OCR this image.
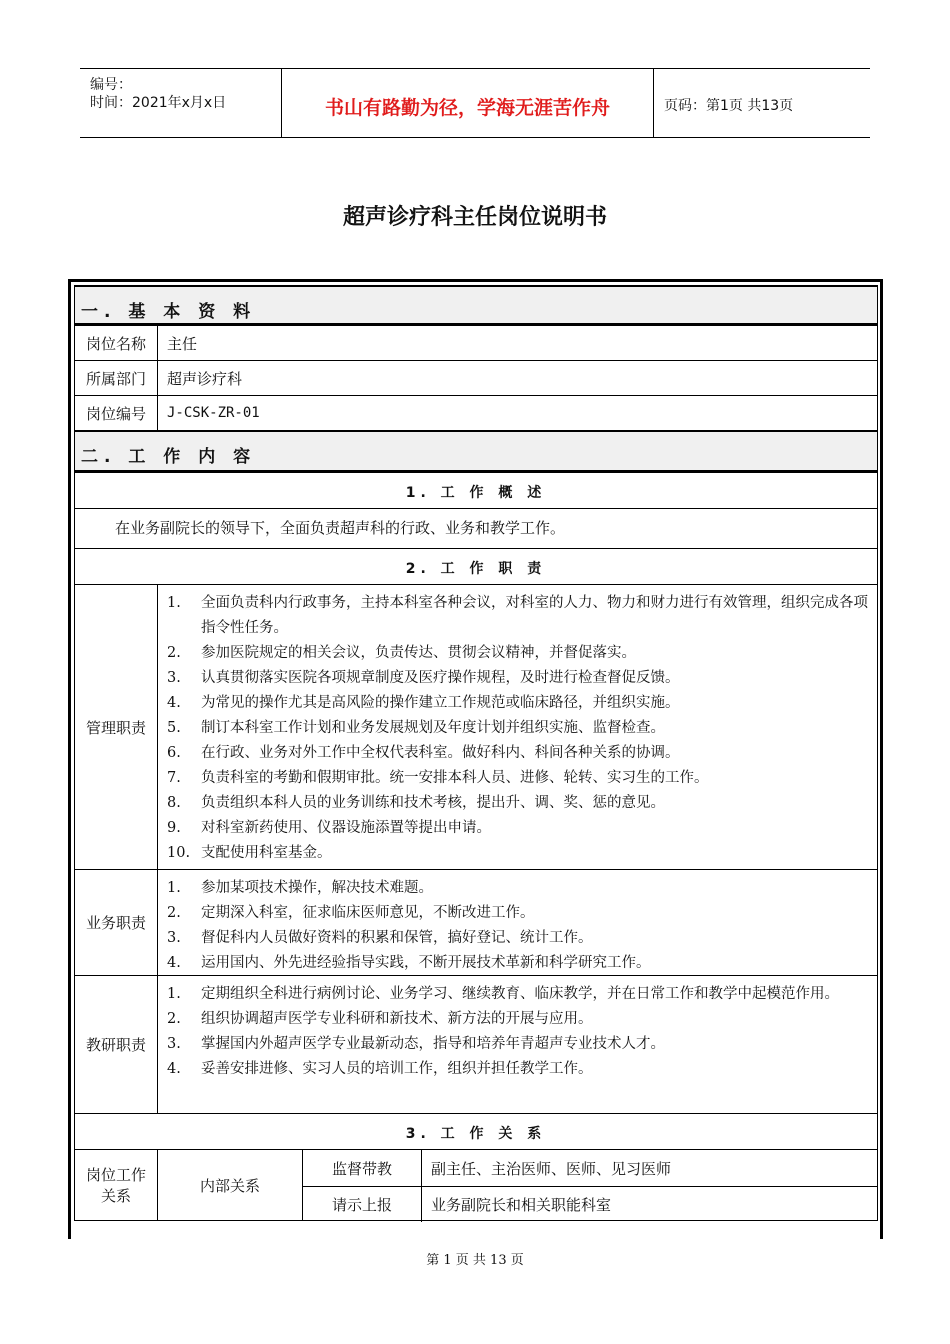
编号：
时间：2021年x月x日	书山有路勤为径，学海无涯苦作舟	页码：第1页 共13页
超声诊疗科主任岗位说明书
一. 基 本 资 料
岗位名称	主任
所属部门	超声诊疗科
岗位编号	J-CSK-ZR-01
二. 工 作 内 容
1. 工 作 概 述
在业务副院长的领导下，全面负责超声科的行政、业务和教学工作。
2. 工 作 职 责
管理职责
1. 全面负责科内行政事务，主持本科室各种会议，对科室的人力、物力和财力进行有效管理，组织完成各项指令性任务。
2. 参加医院规定的相关会议，负责传达、贯彻会议精神，并督促落实。
3. 认真贯彻落实医院各项规章制度及医疗操作规程，及时进行检查督促反馈。
4. 为常见的操作尤其是高风险的操作建立工作规范或临床路径，并组织实施。
5. 制订本科室工作计划和业务发展规划及年度计划并组织实施、监督检查。
6. 在行政、业务对外工作中全权代表科室。做好科内、科间各种关系的协调。
7. 负责科室的考勤和假期审批。统一安排本科人员、进修、轮转、实习生的工作。
8. 负责组织本科人员的业务训练和技术考核，提出升、调、奖、惩的意见。
9. 对科室新药使用、仪器设施添置等提出申请。
10. 支配使用科室基金。
业务职责
1. 参加某项技术操作，解决技术难题。
2. 定期深入科室，征求临床医师意见，不断改进工作。
3. 督促科内人员做好资料的积累和保管，搞好登记、统计工作。
4. 运用国内、外先进经验指导实践，不断开展技术革新和科学研究工作。
教研职责
1. 定期组织全科进行病例讨论、业务学习、继续教育、临床教学，并在日常工作和教学中起模范作用。
2. 组织协调超声医学专业科研和新技术、新方法的开展与应用。
3. 掌握国内外超声医学专业最新动态，指导和培养年青超声专业技术人才。
4. 妥善安排进修、实习人员的培训工作，组织并担任教学工作。
3. 工 作 关 系
岗位工作关系
内部关系
监督带教	副主任、主治医师、医师、见习医师
请示上报	业务副院长和相关职能科室
第 1 页 共 13 页
